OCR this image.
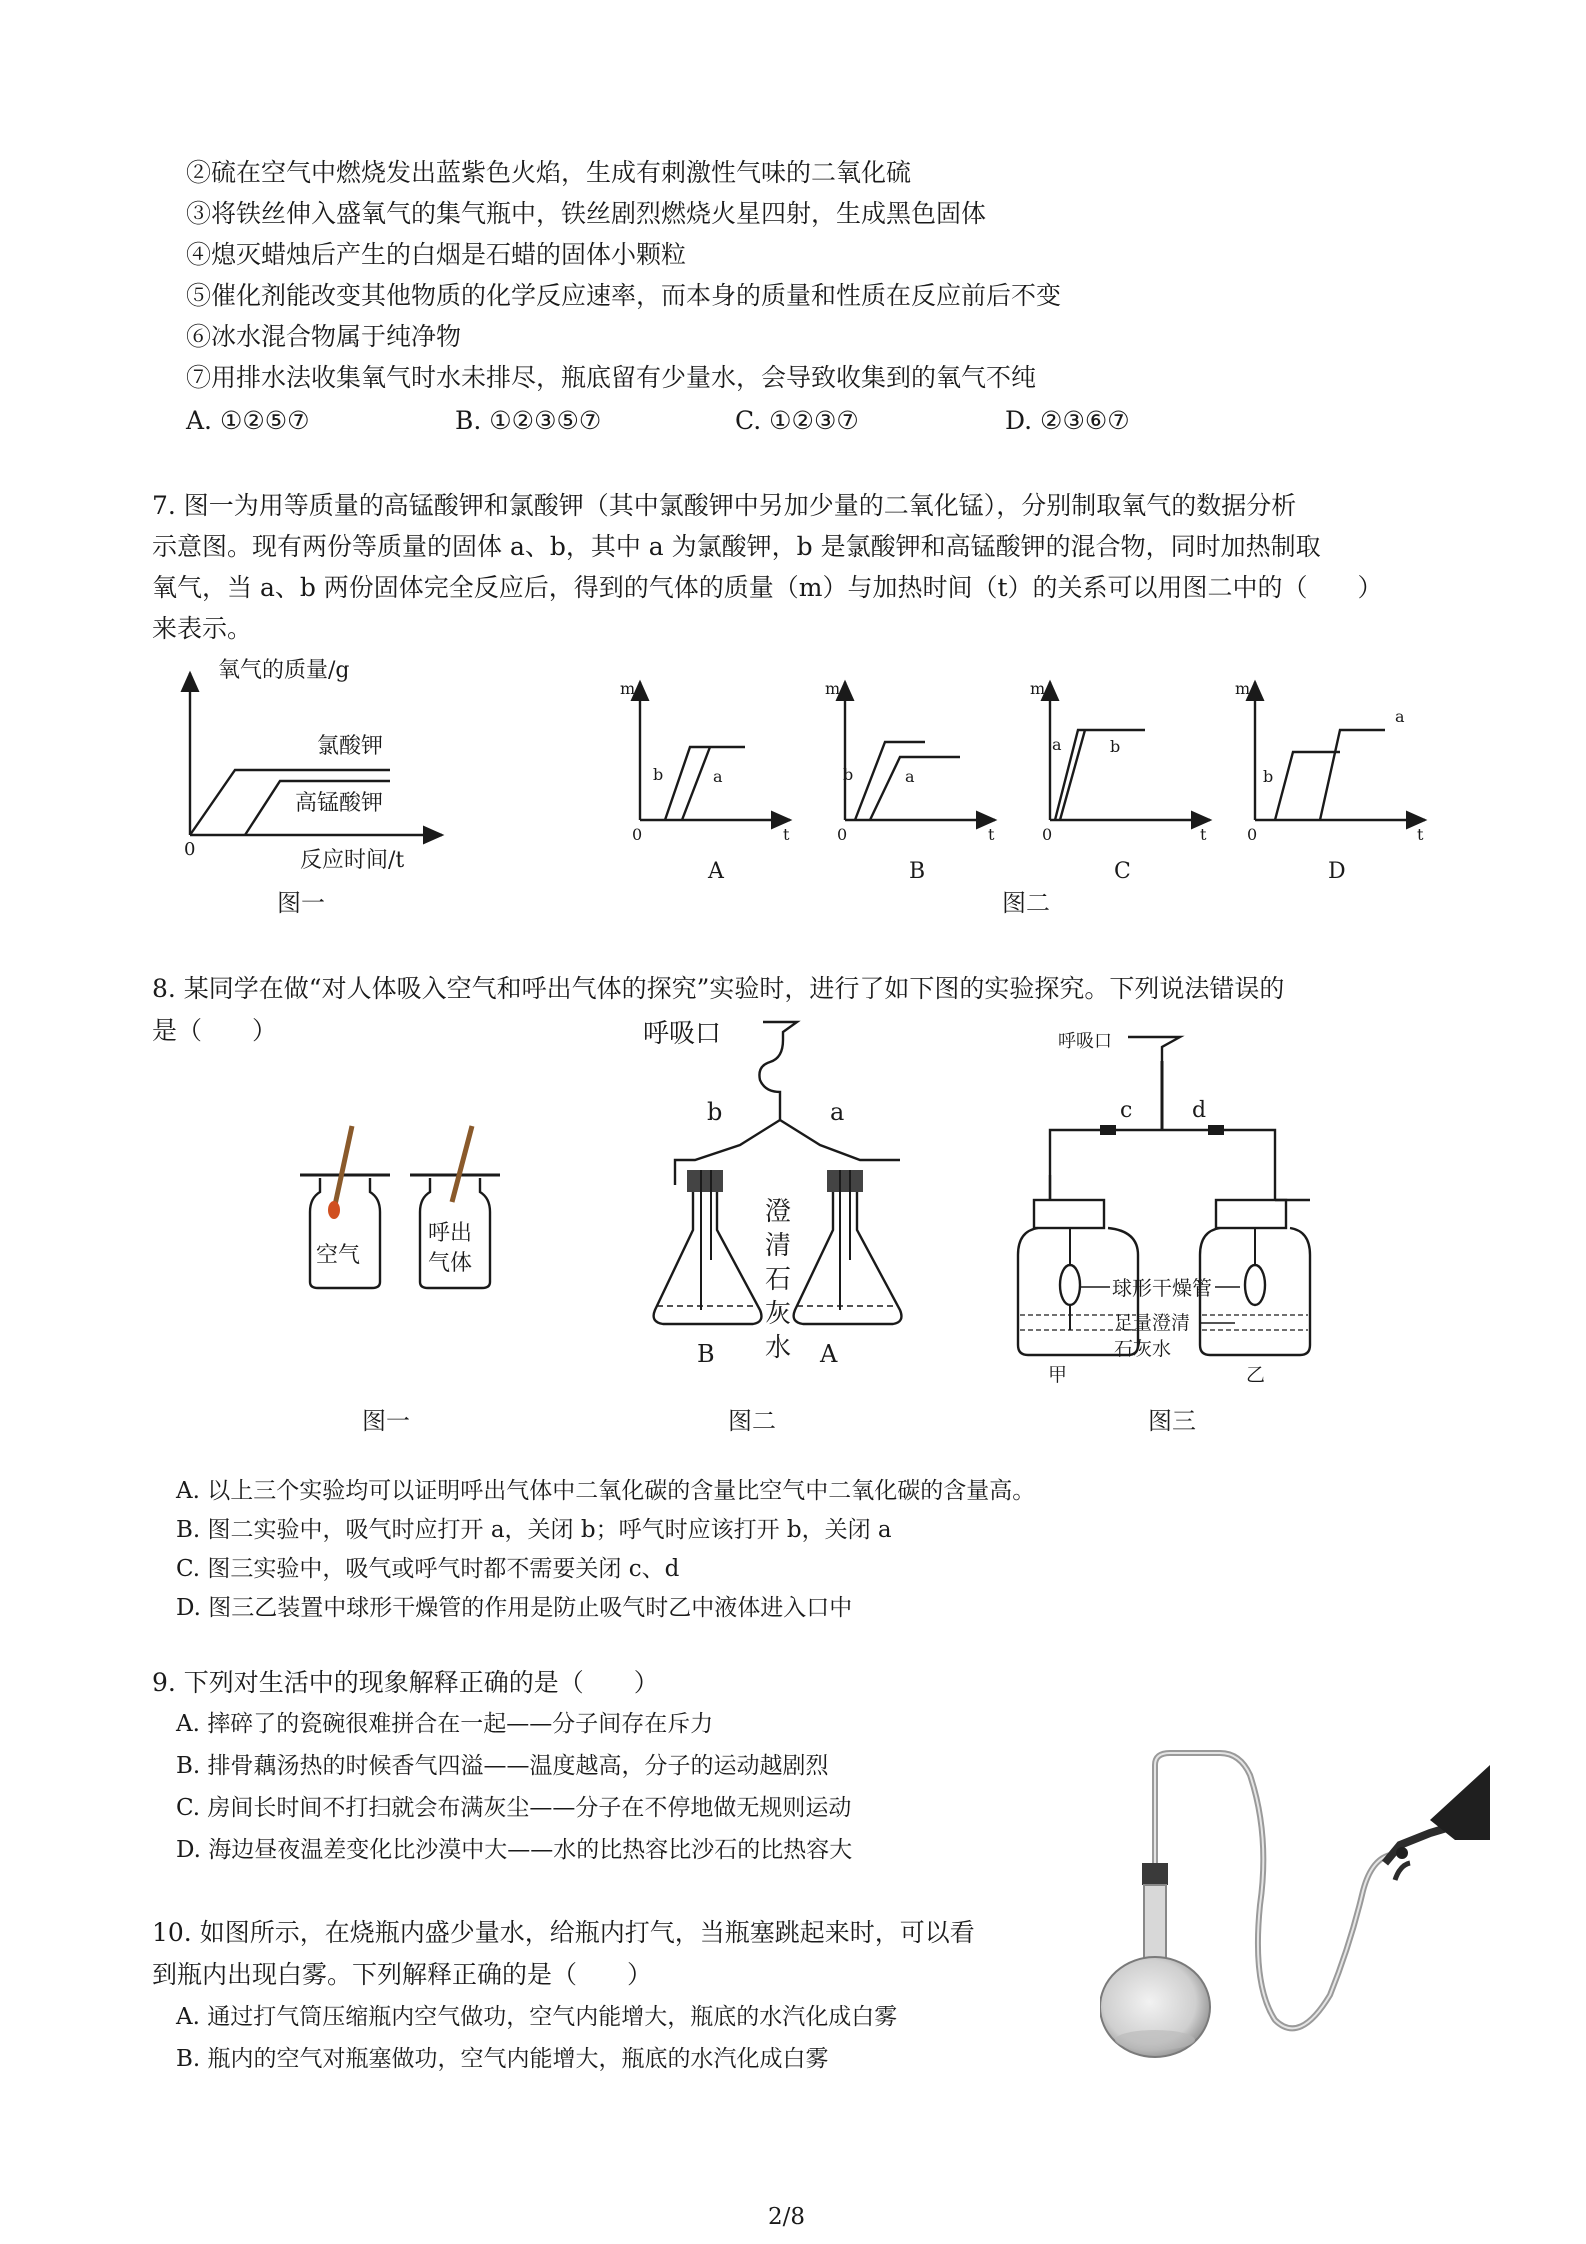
②硫在空气中燃烧发出蓝紫色火焰，生成有刺激性气味的二氧化硫
③将铁丝伸入盛氧气的集气瓶中，铁丝剧烈燃烧火星四射，生成黑色固体
④熄灭蜡烛后产生的白烟是石蜡的固体小颗粒
⑤催化剂能改变其他物质的化学反应速率，而本身的质量和性质在反应前后不变
⑥冰水混合物属于纯净物
⑦用排水法收集氧气时水未排尽，瓶底留有少量水，会导致收集到的氧气不纯
A. ①②⑤⑦	B. ①②③⑤⑦	C. ①②③⑦	D. ②③⑥⑦
7. 图一为用等质量的高锰酸钾和氯酸钾（其中氯酸钾中另加少量的二氧化锰），分别制取氧气的数据分析
示意图。现有两份等质量的固体 a、b，其中 a 为氯酸钾，b 是氯酸钾和高锰酸钾的混合物，同时加热制取
氧气，当 a、b 两份固体完全反应后，得到的气体的质量（m）与加热时间（t）的关系可以用图二中的（　　）
来表示。
氧气的质量/g
0
氯酸钾
高锰酸钾
反应时间/t
图一
m
0	t
b	a
A
m
0	t
b	a
B
m
0	t
a	b
C
m
0	t
b
a
D
图二
8. 某同学在做“对人体吸入空气和呼出气体的探究”实验时，进行了如下图的实验探究。下列说法错误的
是（　　）
空气
呼出
气体
图一
呼吸口
b	a
澄
清
石
灰
水
B	A
图二
呼吸口
c	d
球形干燥管
足量澄清
石灰水
甲	乙
图三
A. 以上三个实验均可以证明呼出气体中二氧化碳的含量比空气中二氧化碳的含量高。
B. 图二实验中，吸气时应打开 a，关闭 b；呼气时应该打开 b，关闭 a
C. 图三实验中，吸气或呼气时都不需要关闭 c、d
D. 图三乙装置中球形干燥管的作用是防止吸气时乙中液体进入口中
9. 下列对生活中的现象解释正确的是（　　）
A. 摔碎了的瓷碗很难拼合在一起——分子间存在斥力
B. 排骨藕汤热的时候香气四溢——温度越高，分子的运动越剧烈
C. 房间长时间不打扫就会布满灰尘——分子在不停地做无规则运动
D. 海边昼夜温差变化比沙漠中大——水的比热容比沙石的比热容大
10. 如图所示，在烧瓶内盛少量水，给瓶内打气，当瓶塞跳起来时，可以看
到瓶内出现白雾。下列解释正确的是（　　）
A. 通过打气筒压缩瓶内空气做功，空气内能增大，瓶底的水汽化成白雾
B. 瓶内的空气对瓶塞做功，空气内能增大，瓶底的水汽化成白雾
2/8
